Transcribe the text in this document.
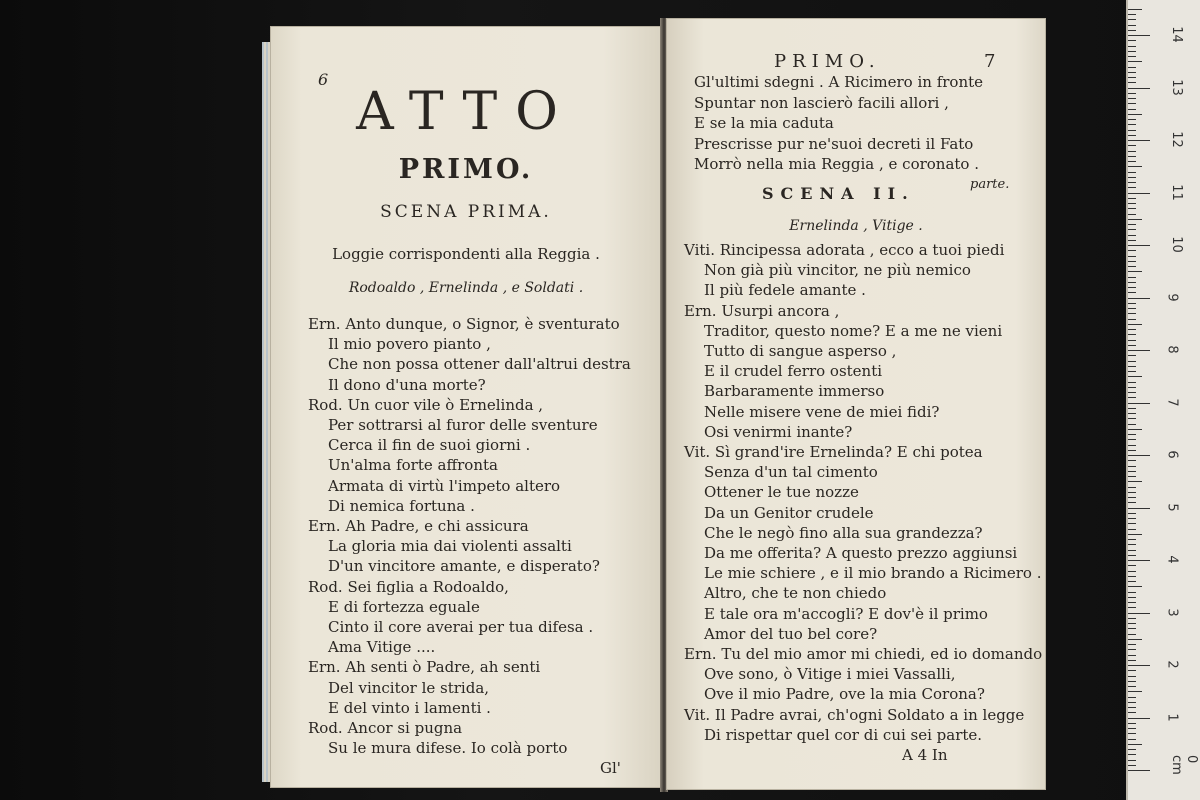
6
ATTO
PRIMO.
SCENA PRIMA.
Loggie corrispondenti alla Reggia .
Rodoaldo , Ernelinda , e Soldati .
Ern. Anto dunque, o Signor, è sventurato
Il mio povero pianto ,
Che non possa ottener dall'altrui destra
Il dono d'una morte?
Rod. Un cuor vile ò Ernelinda ,
Per sottrarsi al furor delle sventure
Cerca il fin de suoi giorni .
Un'alma forte affronta
Armata di virtù l'impeto altero
Di nemica fortuna .
Ern. Ah Padre, e chi assicura
La gloria mia dai violenti assalti
D'un vincitore amante, e disperato?
Rod. Sei figlia a Rodoaldo,
E di fortezza eguale
Cinto il core averai per tua difesa .
Ama Vitige ....
Ern. Ah senti ò Padre, ah senti
Del vincitor le strida,
E del vinto i lamenti .
Rod. Ancor si pugna
Su le mura difese. Io colà porto
Gl'
PRIMO.	7
Gl'ultimi sdegni . A Ricimero in fronte
Spuntar non lascierò facili allori ,
E se la mia caduta
Prescrisse pur ne'suoi decreti il Fato
Morrò nella mia Reggia , e coronato .
parte.
SCENA II.
Ernelinda , Vitige .
Viti. Rincipessa adorata , ecco a tuoi piedi
Non già più vincitor, ne più nemico
Il più fedele amante .
Ern. Usurpi ancora ,
Traditor, questo nome? E a me ne vieni
Tutto di sangue asperso ,
E il crudel ferro ostenti
Barbaramente immerso
Nelle misere vene de miei fidi?
Osi venirmi inante?
Vit. Sì grand'ire Ernelinda? E chi potea
Senza d'un tal cimento
Ottener le tue nozze
Da un Genitor crudele
Che le negò fino alla sua grandezza?
Da me offerita? A questo prezzo aggiunsi
Le mie schiere , e il mio brando a Ricimero .
Altro, che te non chiedo
E tale ora m'accogli? E dov'è il primo
Amor del tuo bel core?
Ern. Tu del mio amor mi chiedi, ed io domando
Ove sono, ò Vitige i miei Vassalli,
Ove il mio Padre, ove la mia Corona?
Vit. Il Padre avrai, ch'ogni Soldato a in legge
Di rispettar quel cor di cui sei parte.
A 4 In
1
2
3
4
5
6
7
8
9
10
11
12
13
14
0 cm
